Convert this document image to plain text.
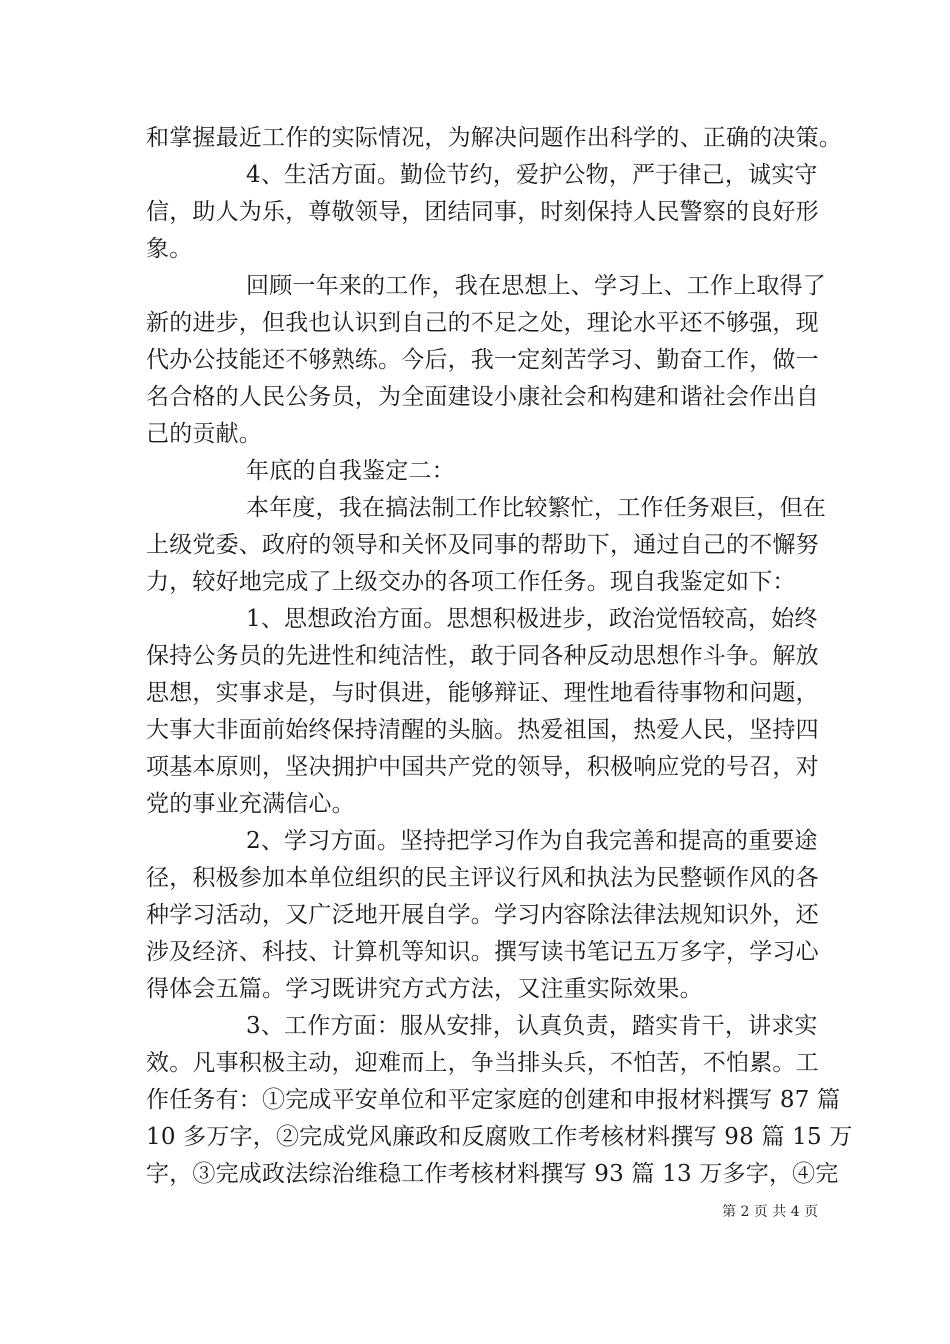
和掌握最近工作的实际情况，为解决问题作出科学的、正确的决策。
4、生活方面。勤俭节约，爱护公物，严于律己，诚实守
信，助人为乐，尊敬领导，团结同事，时刻保持人民警察的良好形
象。
回顾一年来的工作，我在思想上、学习上、工作上取得了
新的进步，但我也认识到自己的不足之处，理论水平还不够强，现
代办公技能还不够熟练。今后，我一定刻苦学习、勤奋工作，做一
名合格的人民公务员，为全面建设小康社会和构建和谐社会作出自
己的贡献。
年底的自我鉴定二：
本年度，我在搞法制工作比较繁忙，工作任务艰巨，但在
上级党委、政府的领导和关怀及同事的帮助下，通过自己的不懈努
力，较好地完成了上级交办的各项工作任务。现自我鉴定如下：
1、思想政治方面。思想积极进步，政治觉悟较高，始终
保持公务员的先进性和纯洁性，敢于同各种反动思想作斗争。解放
思想，实事求是，与时俱进，能够辩证、理性地看待事物和问题，
大事大非面前始终保持清醒的头脑。热爱祖国，热爱人民，坚持四
项基本原则，坚决拥护中国共产党的领导，积极响应党的号召，对
党的事业充满信心。
2、学习方面。坚持把学习作为自我完善和提高的重要途
径，积极参加本单位组织的民主评议行风和执法为民整顿作风的各
种学习活动，又广泛地开展自学。学习内容除法律法规知识外，还
涉及经济、科技、计算机等知识。撰写读书笔记五万多字，学习心
得体会五篇。学习既讲究方式方法，又注重实际效果。
3、工作方面：服从安排，认真负责，踏实肯干，讲求实
效。凡事积极主动，迎难而上，争当排头兵，不怕苦，不怕累。工
作任务有：①完成平安单位和平定家庭的创建和申报材料撰写 87 篇
10 多万字，②完成党风廉政和反腐败工作考核材料撰写 98 篇 15 万
字，③完成政法综治维稳工作考核材料撰写 93 篇 13 万多字，④完
第 2 页 共 4 页
